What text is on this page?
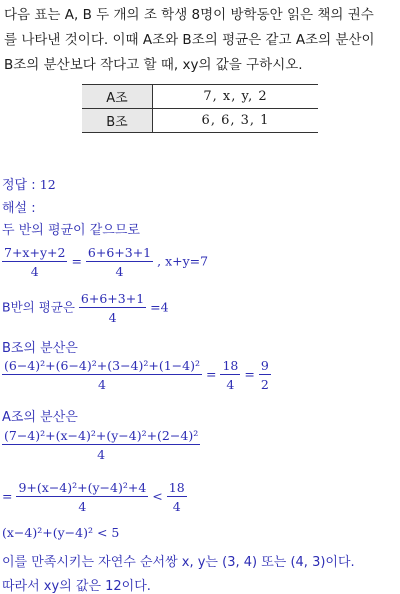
다음 표는 A, B 두 개의 조 학생 8명이 방학동안 읽은 책의 권수
를 나타낸 것이다. 이때 A조와 B조의 평균은 같고 A조의 분산이
B조의 분산보다 작다고 할 때, xy의 값을 구하시오.
A조	7, x, y, 2
B조	6, 6, 3, 1
정답 : 12
해설 :
두 반의 평균이 같으므로
$\frac{7+x+y+2}{4} = \frac{6+6+3+1}{4}$ , x+y=7
B반의 평균은 $\frac{6+6+3+1}{4} =4$
B조의 분산은
$\frac{\text{(6−4)²+(6−4)²+(3−4)²+(1−4)²}}{4} = \frac{18}{4} = \frac{9}{2}$
A조의 분산은
$\frac{\text{(7−4)²+(x−4)²+(y−4)²+(2−4)²}}{4}$
= $\frac{\text{9+(x−4)²+(y−4)²+4}}{4} < \frac{18}{4}$
(x−4)²+(y−4)² < 5
이를 만족시키는 자연수 순서쌍 x, y는 (3, 4) 또는 (4, 3)이다.
따라서 xy의 값은 12이다.
